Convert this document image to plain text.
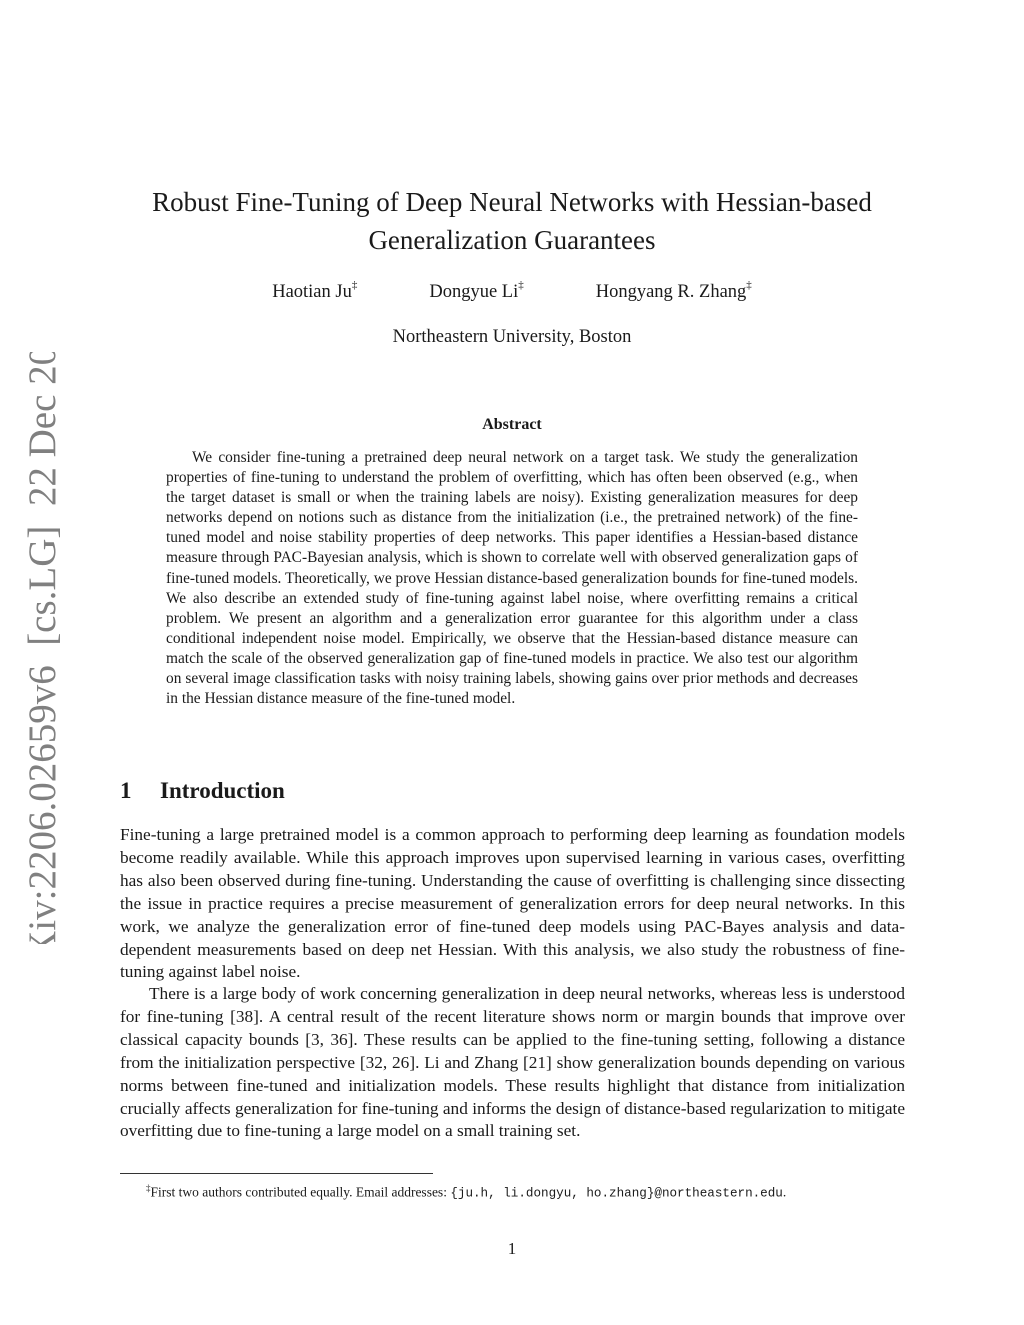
arXiv:2206.02659v6  [cs.LG]  22 Dec 2023
Robust Fine-Tuning of Deep Neural Networks with Hessian-based
Generalization Guarantees
Haotian Ju‡	Dongyue Li‡	Hongyang R. Zhang‡
Northeastern University, Boston
Abstract

We consider fine-tuning a pretrained deep neural network on a target task. We study the generalization properties of fine-tuning to understand the problem of overfitting, which has often been observed (e.g., when the target dataset is small or when the training labels are noisy). Existing generalization measures for deep networks depend on notions such as distance from the initialization (i.e., the pretrained network) of the fine-tuned model and noise stability properties of deep networks. This paper identifies a Hessian-based distance measure through PAC-Bayesian analysis, which is shown to correlate well with observed generalization gaps of fine-tuned models. Theoretically, we prove Hessian distance-based generalization bounds for fine-tuned models. We also describe an extended study of fine-tuning against label noise, where overfitting remains a critical problem. We present an algorithm and a generalization error guarantee for this algorithm under a class conditional independent noise model. Empirically, we observe that the Hessian-based distance measure can match the scale of the observed generalization gap of fine-tuned models in practice. We also test our algorithm on several image classification tasks with noisy training labels, showing gains over prior methods and decreases in the Hessian distance measure of the fine-tuned model.

1 Introduction

Fine-tuning a large pretrained model is a common approach to performing deep learning as foundation models become readily available. While this approach improves upon supervised learning in various cases, overfitting has also been observed during fine-tuning. Understanding the cause of overfitting is challenging since dissecting the issue in practice requires a precise measurement of generalization errors for deep neural networks. In this work, we analyze the generalization error of fine-tuned deep models using PAC-Bayes analysis and data-dependent measurements based on deep net Hessian. With this analysis, we also study the robustness of fine-tuning against label noise.

There is a large body of work concerning generalization in deep neural networks, whereas less is understood for fine-tuning [38]. A central result of the recent literature shows norm or margin bounds that improve over classical capacity bounds [3, 36]. These results can be applied to the fine-tuning setting, following a distance from the initialization perspective [32, 26]. Li and Zhang [21] show generalization bounds depending on various norms between fine-tuned and initialization models. These results highlight that distance from initialization crucially affects generalization for fine-tuning and informs the design of distance-based regularization to mitigate overfitting due to fine-tuning a large model on a small training set.

‡First two authors contributed equally. Email addresses: {ju.h, li.dongyu, ho.zhang}@northeastern.edu.
1
